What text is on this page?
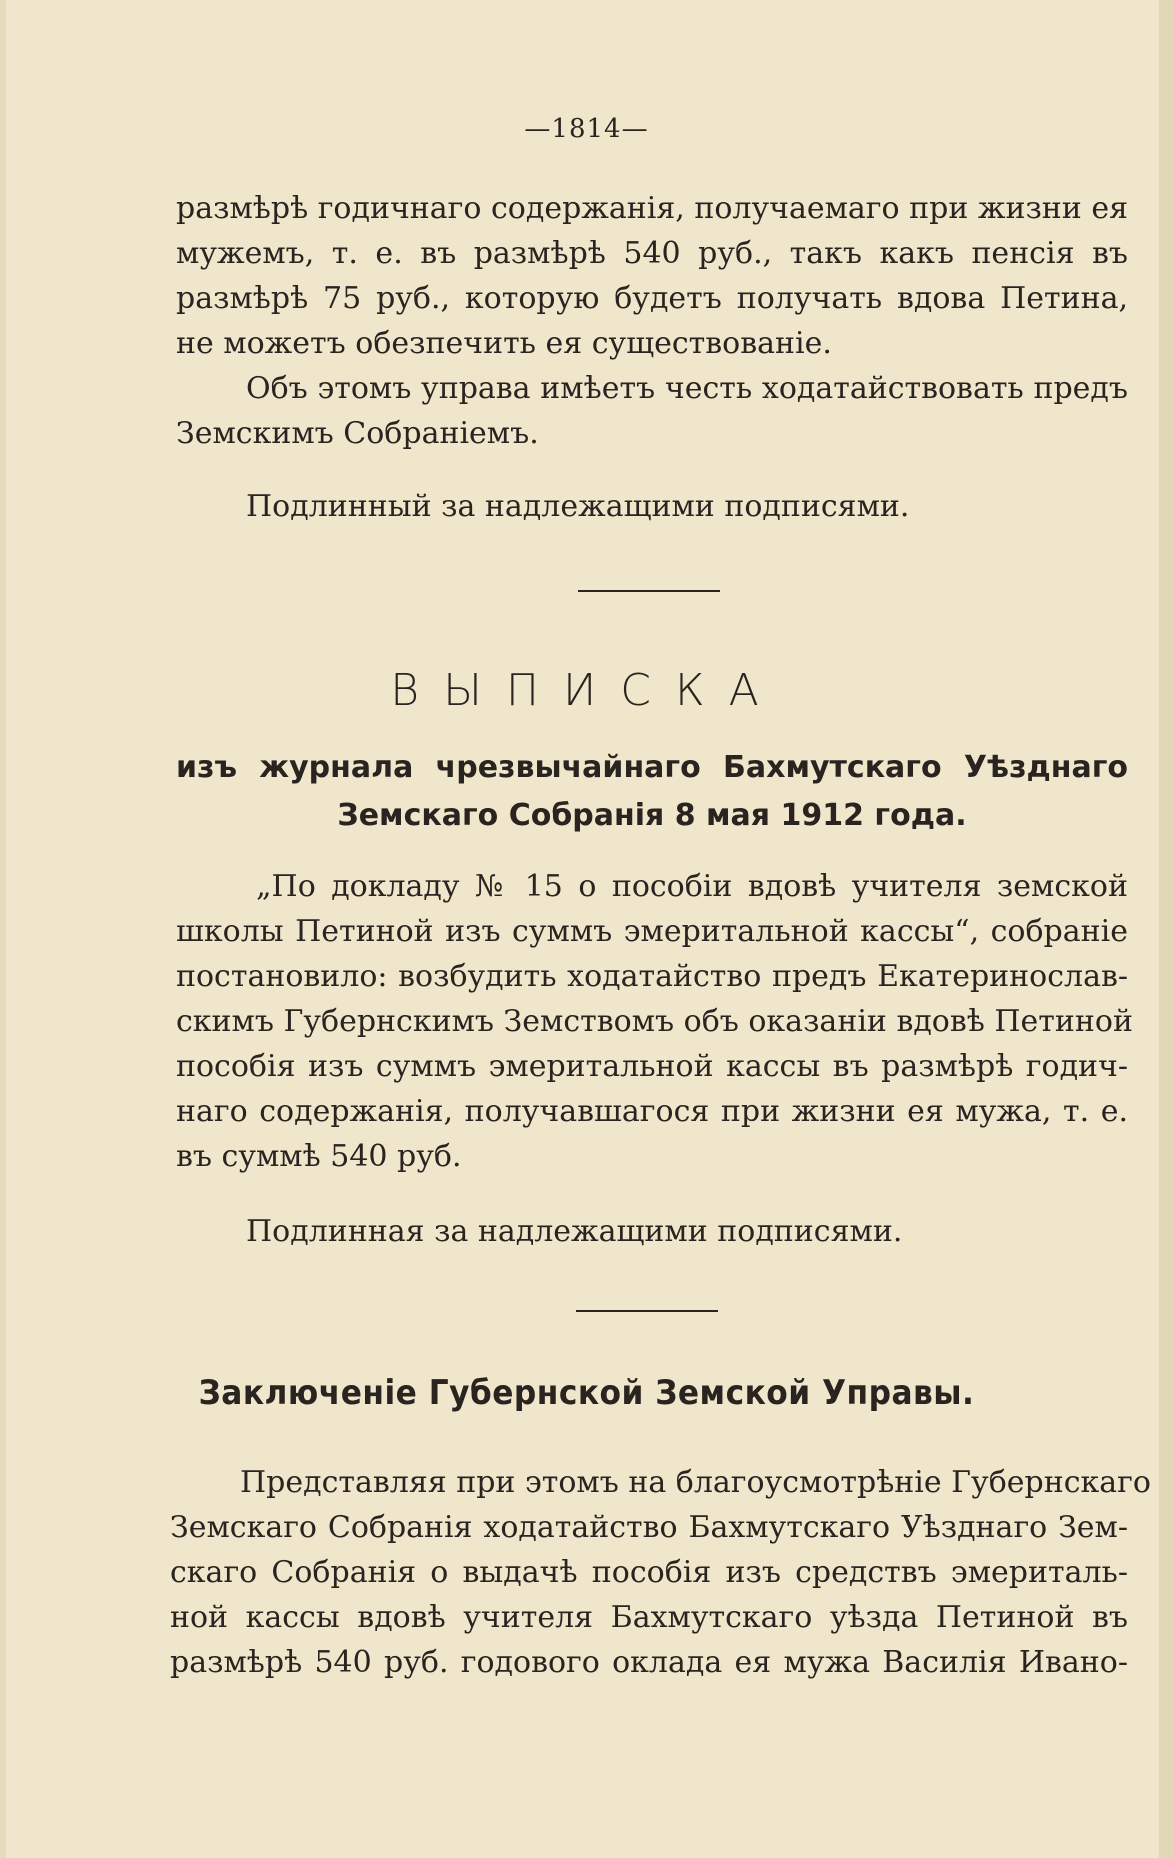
—1814—
размѣрѣ годичнаго содержанія, получаемаго при жизни ея
мужемъ, т. е. въ размѣрѣ 540 руб., такъ какъ пенсія въ
размѣрѣ 75 руб., которую будетъ получать вдова Петина,
не можетъ обезпечить ея существованіе.
Объ этомъ управа имѣетъ честь ходатайствовать предъ
Земскимъ Собраніемъ.
Подлинный за надлежащими подписями.
ВЫПИСКА
изъ журнала чрезвычайнаго Бахмутскаго Уѣзднаго
Земскаго Собранія 8 мая 1912 года.
„По докладу № 15 о пособіи вдовѣ учителя земской
школы Петиной изъ суммъ эмеритальной кассы“, собраніе
постановило: возбудить ходатайство предъ Екатеринослав-
скимъ Губернскимъ Земствомъ объ оказаніи вдовѣ Петиной
пособія изъ суммъ эмеритальной кассы въ размѣрѣ годич-
наго содержанія, получавшагося при жизни ея мужа, т. е.
въ суммѣ 540 руб.
Подлинная за надлежащими подписями.
Заключеніе Губернской Земской Управы.
Представляя при этомъ на благоусмотрѣніе Губернскаго
Земскаго Собранія ходатайство Бахмутскаго Уѣзднаго Зем-
скаго Собранія о выдачѣ пособія изъ средствъ эмериталь-
ной кассы вдовѣ учителя Бахмутскаго уѣзда Петиной въ
размѣрѣ 540 руб. годового оклада ея мужа Василія Ивано-
